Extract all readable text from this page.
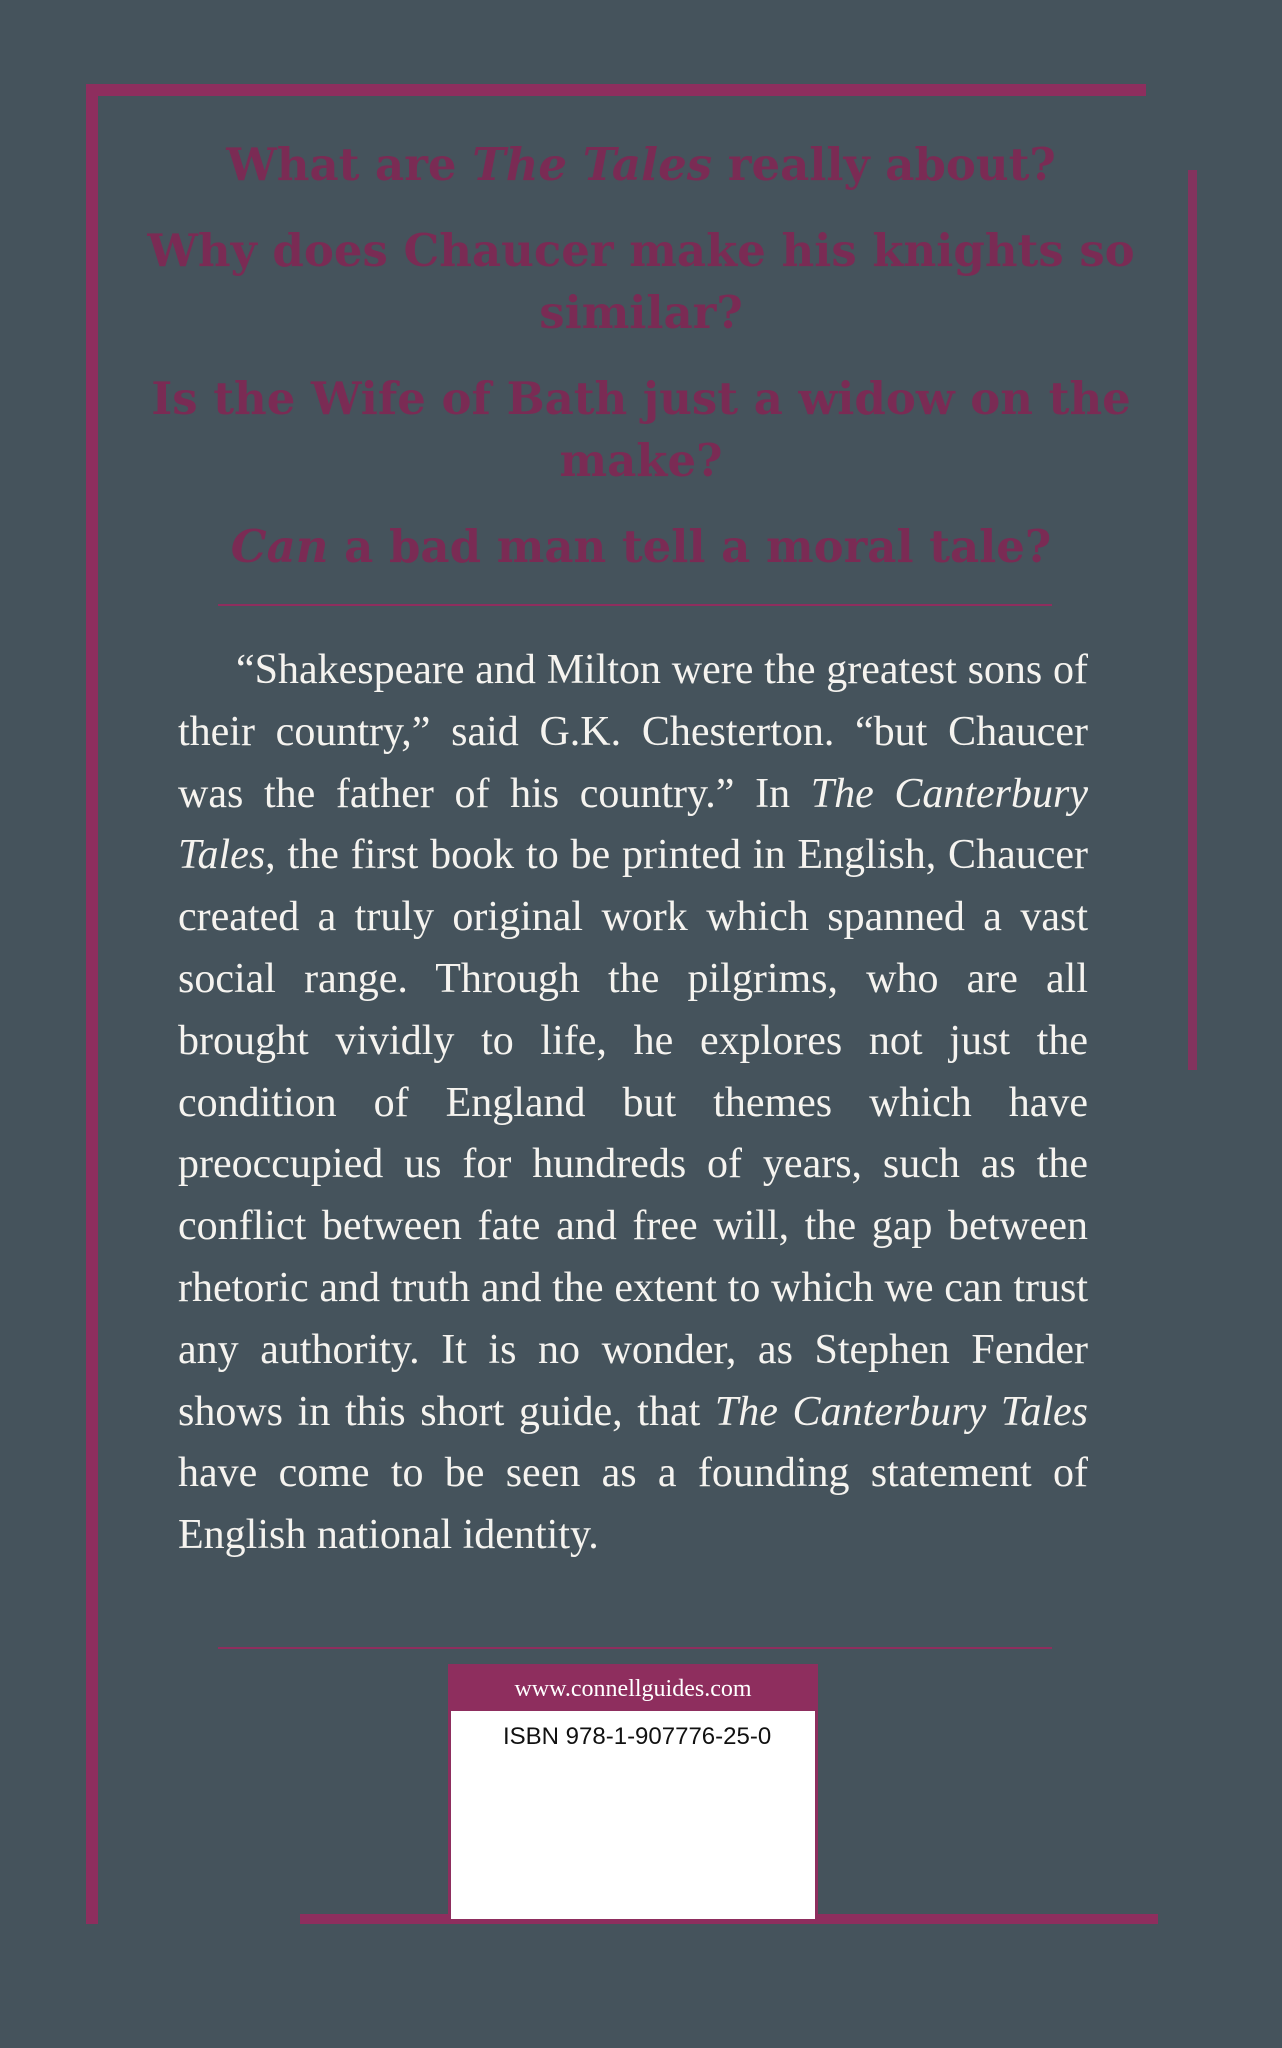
What are The Tales really about?

Why does Chaucer make his knights so similar?

Is the Wife of Bath just a widow on the make?

Can a bad man tell a moral tale?

“Shakespeare and Milton were the greatest sons of their country,” said G.K. Chesterton. “but Chaucer was the father of his country.” In The Canterbury Tales, the first book to be printed in English, Chaucer created a truly original work which spanned a vast social range. Through the pilgrims, who are all brought vividly to life, he explores not just the condition of England but themes which have preoccupied us for hundreds of years, such as the conflict between fate and free will, the gap between rhetoric and truth and the extent to which we can trust any authority. It is no wonder, as Stephen Fender shows in this short guide, that The Canterbury Tales have come to be seen as a founding statement of English national identity.

www.connellguides.com
ISBN 978-1-907776-25-0
